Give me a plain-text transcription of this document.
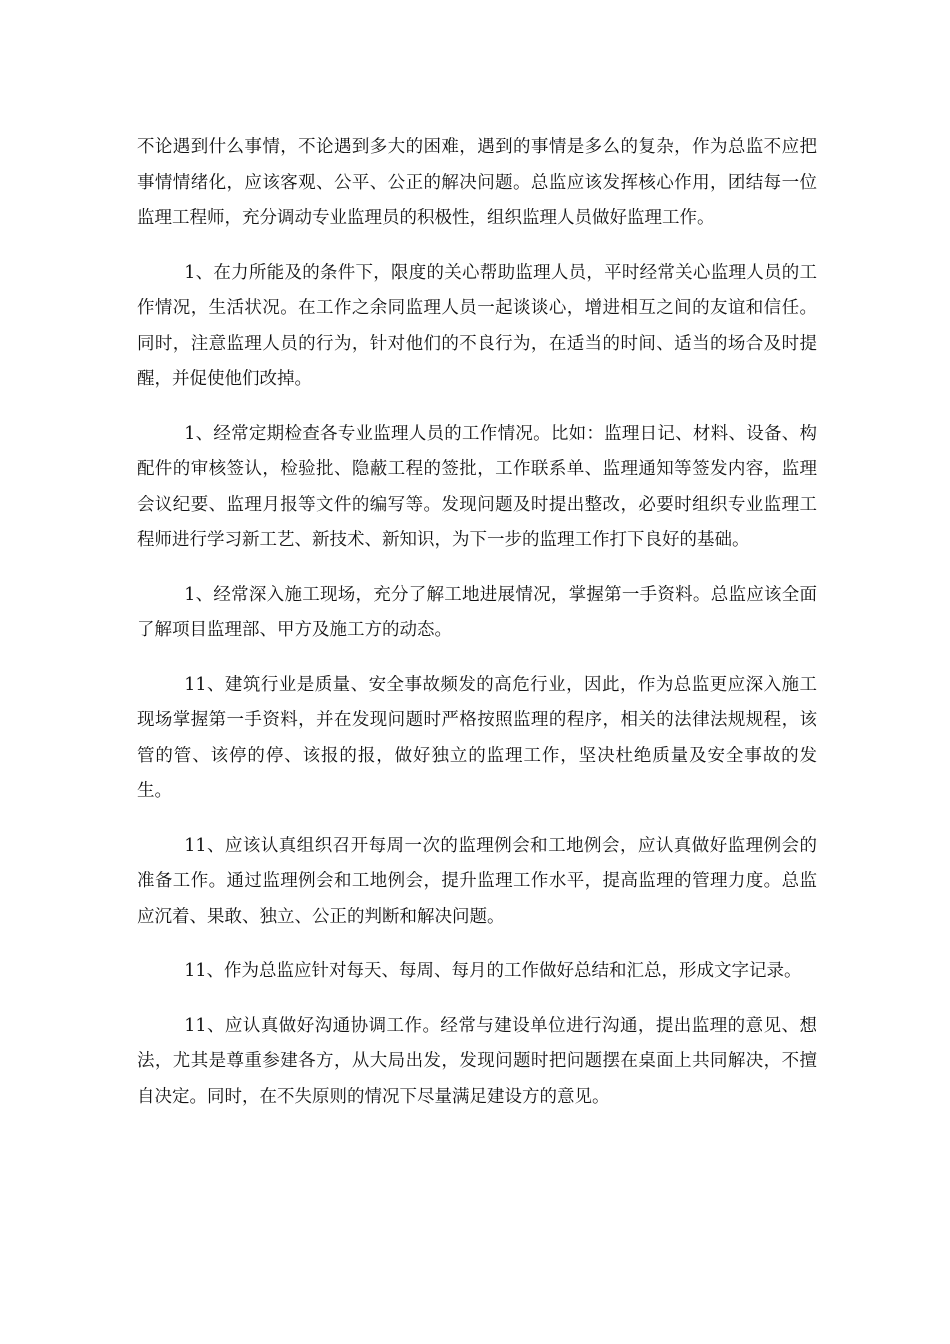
不论遇到什么事情，不论遇到多大的困难，遇到的事情是多么的复杂，作为总监不应把事情情绪化，应该客观、公平、公正的解决问题。总监应该发挥核心作用，团结每一位监理工程师，充分调动专业监理员的积极性，组织监理人员做好监理工作。

1、在力所能及的条件下，限度的关心帮助监理人员，平时经常关心监理人员的工作情况，生活状况。在工作之余同监理人员一起谈谈心，增进相互之间的友谊和信任。同时，注意监理人员的行为，针对他们的不良行为，在适当的时间、适当的场合及时提醒，并促使他们改掉。

1、经常定期检查各专业监理人员的工作情况。比如：监理日记、材料、设备、构配件的审核签认，检验批、隐蔽工程的签批，工作联系单、监理通知等签发内容，监理会议纪要、监理月报等文件的编写等。发现问题及时提出整改，必要时组织专业监理工程师进行学习新工艺、新技术、新知识，为下一步的监理工作打下良好的基础。

1、经常深入施工现场，充分了解工地进展情况，掌握第一手资料。总监应该全面了解项目监理部、甲方及施工方的动态。

11、建筑行业是质量、安全事故频发的高危行业，因此，作为总监更应深入施工现场掌握第一手资料，并在发现问题时严格按照监理的程序，相关的法律法规规程，该管的管、该停的停、该报的报，做好独立的监理工作，坚决杜绝质量及安全事故的发生。

11、应该认真组织召开每周一次的监理例会和工地例会，应认真做好监理例会的准备工作。通过监理例会和工地例会，提升监理工作水平，提高监理的管理力度。总监应沉着、果敢、独立、公正的判断和解决问题。

11、作为总监应针对每天、每周、每月的工作做好总结和汇总，形成文字记录。

11、应认真做好沟通协调工作。经常与建设单位进行沟通，提出监理的意见、想法，尤其是尊重参建各方，从大局出发，发现问题时把问题摆在桌面上共同解决，不擅自决定。同时，在不失原则的情况下尽量满足建设方的意见。
